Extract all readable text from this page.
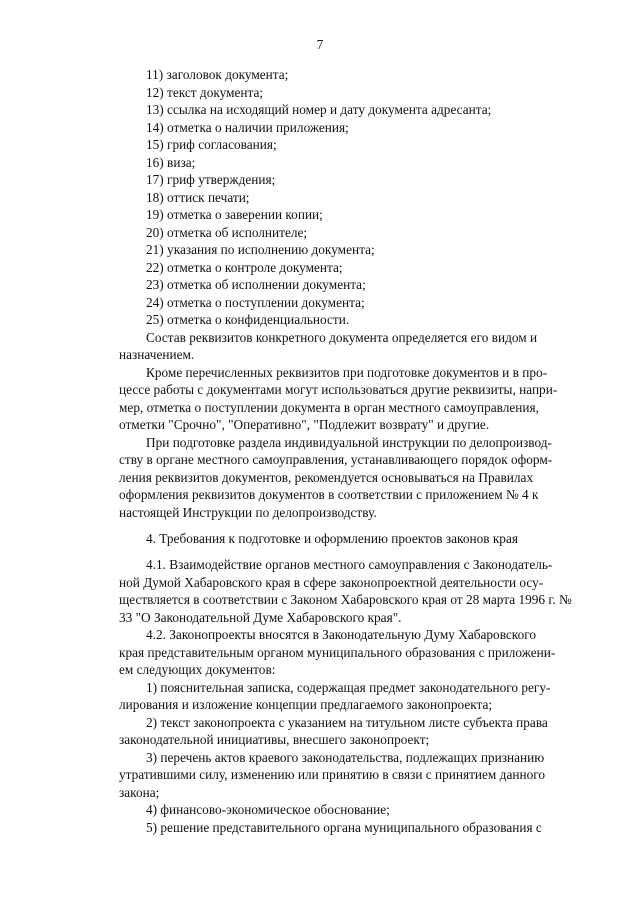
7
11) заголовок документа;
12) текст документа;
13) ссылка на исходящий номер и дату документа адресанта;
14) отметка о наличии приложения;
15) гриф согласования;
16) виза;
17) гриф утверждения;
18) оттиск печати;
19) отметка о заверении копии;
20) отметка об исполнителе;
21) указания по исполнению документа;
22) отметка о контроле документа;
23) отметка об исполнении документа;
24) отметка о поступлении документа;
25) отметка о конфиденциальности.
Состав реквизитов конкретного документа определяется его видом и
назначением.
Кроме перечисленных реквизитов при подготовке документов и в про-
цессе работы с документами могут использоваться другие реквизиты, напри-
мер, отметка о поступлении документа в орган местного самоуправления,
отметки "Срочно", "Оперативно", "Подлежит возврату" и другие.
При подготовке раздела индивидуальной инструкции по делопроизвод-
ству в органе местного самоуправления, устанавливающего порядок оформ-
ления реквизитов документов, рекомендуется основываться на Правилах
оформления реквизитов документов в соответствии с приложением № 4 к
настоящей Инструкции по делопроизводству.
4. Требования к подготовке и оформлению проектов законов края
4.1. Взаимодействие органов местного самоуправления с Законодатель-
ной Думой Хабаровского края в сфере законопроектной деятельности осу-
ществляется в соответствии с Законом Хабаровского края от 28 марта 1996 г. №
33 "О Законодательной Думе Хабаровского края".
4.2. Законопроекты вносятся в Законодательную Думу Хабаровского
края представительным органом муниципального образования с приложени-
ем следующих документов:
1) пояснительная записка, содержащая предмет законодательного регу-
лирования и изложение концепции предлагаемого законопроекта;
2) текст законопроекта с указанием на титульном листе субъекта права
законодательной инициативы, внесшего законопроект;
3) перечень актов краевого законодательства, подлежащих признанию
утратившими силу, изменению или принятию в связи с принятием данного
закона;
4) финансово-экономическое обоснование;
5) решение представительного органа муниципального образования с
